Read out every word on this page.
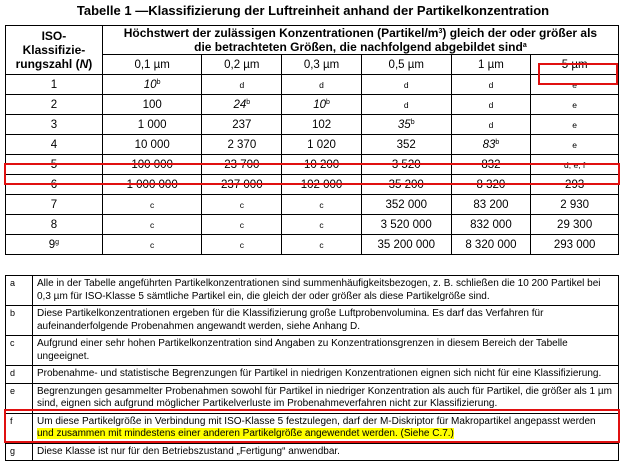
Tabelle 1 —Klassifizierung der Luftreinheit anhand der Partikelkonzentration
ISO-
Klassifizie-
rungszahl (N)	Höchstwert der zulässigen Konzentrationen $(Partikel/m^3)$ gleich der oder größer als
die betrachteten Größen, die nachfolgend abgebildet sind$^a$
	0,1 µm	0,2 µm	0,3 µm	0,5 µm	1 µm	5 µm
1	10$^b$	d	d	d	d	e
2	100	24$^b$	10$^b$	d	d	e
3	1 000	237	102	35$^b$	d	e
4	10 000	2 370	1 020	352	83$^b$	e
5	100 000	23 700	10 200	3 520	832	d, e, f
6	1 000 000	237 000	102 000	35 200	8 320	293
7	c	c	c	352 000	83 200	2 930
8	c	c	c	3 520 000	832 000	29 300
9$^g$	c	c	c	35 200 000	8 320 000	293 000
a	Alle in der Tabelle angeführten Partikelkonzentrationen sind summenhäufigkeitsbezogen, z. B. schließen die 10 200 Partikel bei 0,3 µm für ISO-Klasse 5 sämtliche Partikel ein, die gleich der oder größer als diese Partikelgröße sind.
b	Diese Partikelkonzentrationen ergeben für die Klassifizierung große Luftprobenvolumina. Es darf das Verfahren für aufeinanderfolgende Probenahmen angewandt werden, siehe Anhang D.
c	Aufgrund einer sehr hohen Partikelkonzentration sind Angaben zu Konzentrationsgrenzen in diesem Bereich der Tabelle ungeeignet.
d	Probenahme- und statistische Begrenzungen für Partikel in niedrigen Konzentrationen eignen sich nicht für eine Klassifizierung.
e	Begrenzungen gesammelter Probenahmen sowohl für Partikel in niedriger Konzentration als auch für Partikel, die größer als 1 µm sind, eignen sich aufgrund möglicher Partikelverluste im Probenahmeverfahren nicht zur Klassifizierung.
f	Um diese Partikelgröße in Verbindung mit ISO-Klasse 5 festzulegen, darf der M-Diskriptor für Makropartikel angepasst werden und zusammen mit mindestens einer anderen Partikelgröße angewendet werden. (Siehe C.7.)
g	Diese Klasse ist nur für den Betriebszustand „Fertigung“ anwendbar.
